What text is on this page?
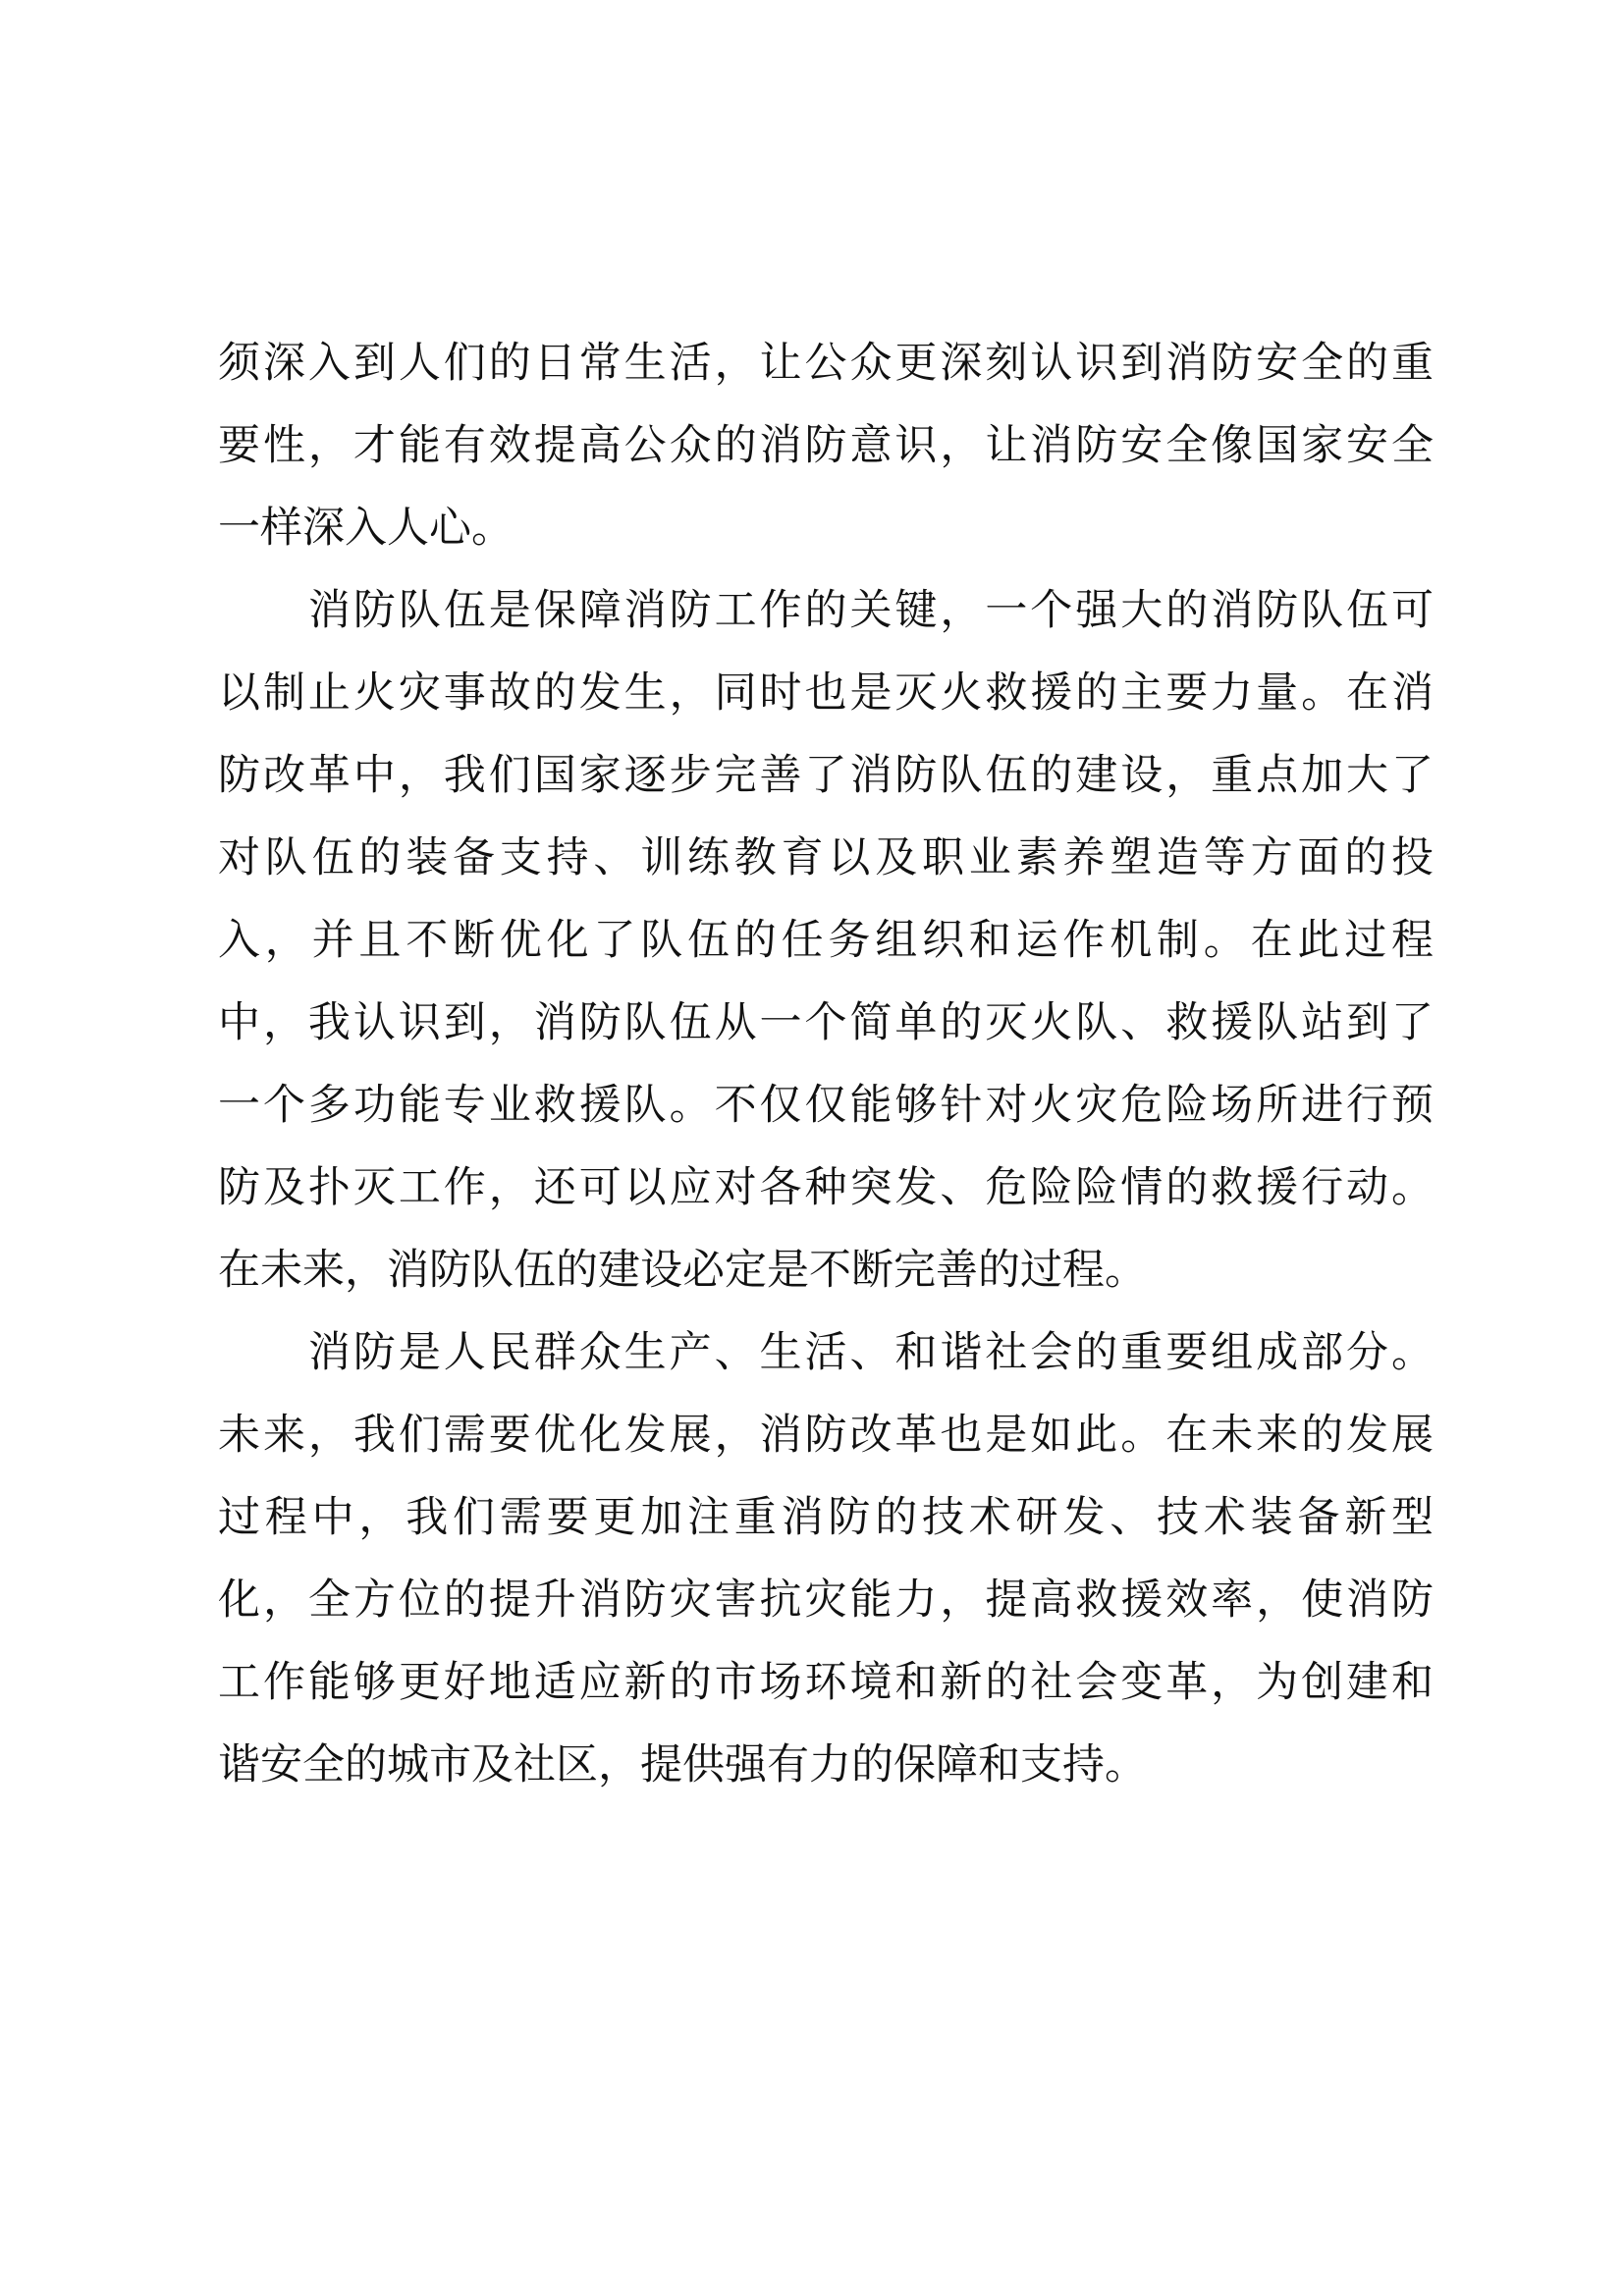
须深入到人们的日常生活，让公众更深刻认识到消防安全的重
要性，才能有效提高公众的消防意识，让消防安全像国家安全
一样深入人心。
　　消防队伍是保障消防工作的关键，一个强大的消防队伍可
以制止火灾事故的发生，同时也是灭火救援的主要力量。在消
防改革中，我们国家逐步完善了消防队伍的建设，重点加大了
对队伍的装备支持、训练教育以及职业素养塑造等方面的投
入，并且不断优化了队伍的任务组织和运作机制。在此过程
中，我认识到，消防队伍从一个简单的灭火队、救援队站到了
一个多功能专业救援队。不仅仅能够针对火灾危险场所进行预
防及扑灭工作，还可以应对各种突发、危险险情的救援行动。
在未来，消防队伍的建设必定是不断完善的过程。
　　消防是人民群众生产、生活、和谐社会的重要组成部分。
未来，我们需要优化发展，消防改革也是如此。在未来的发展
过程中，我们需要更加注重消防的技术研发、技术装备新型
化，全方位的提升消防灾害抗灾能力，提高救援效率，使消防
工作能够更好地适应新的市场环境和新的社会变革，为创建和
谐安全的城市及社区，提供强有力的保障和支持。
